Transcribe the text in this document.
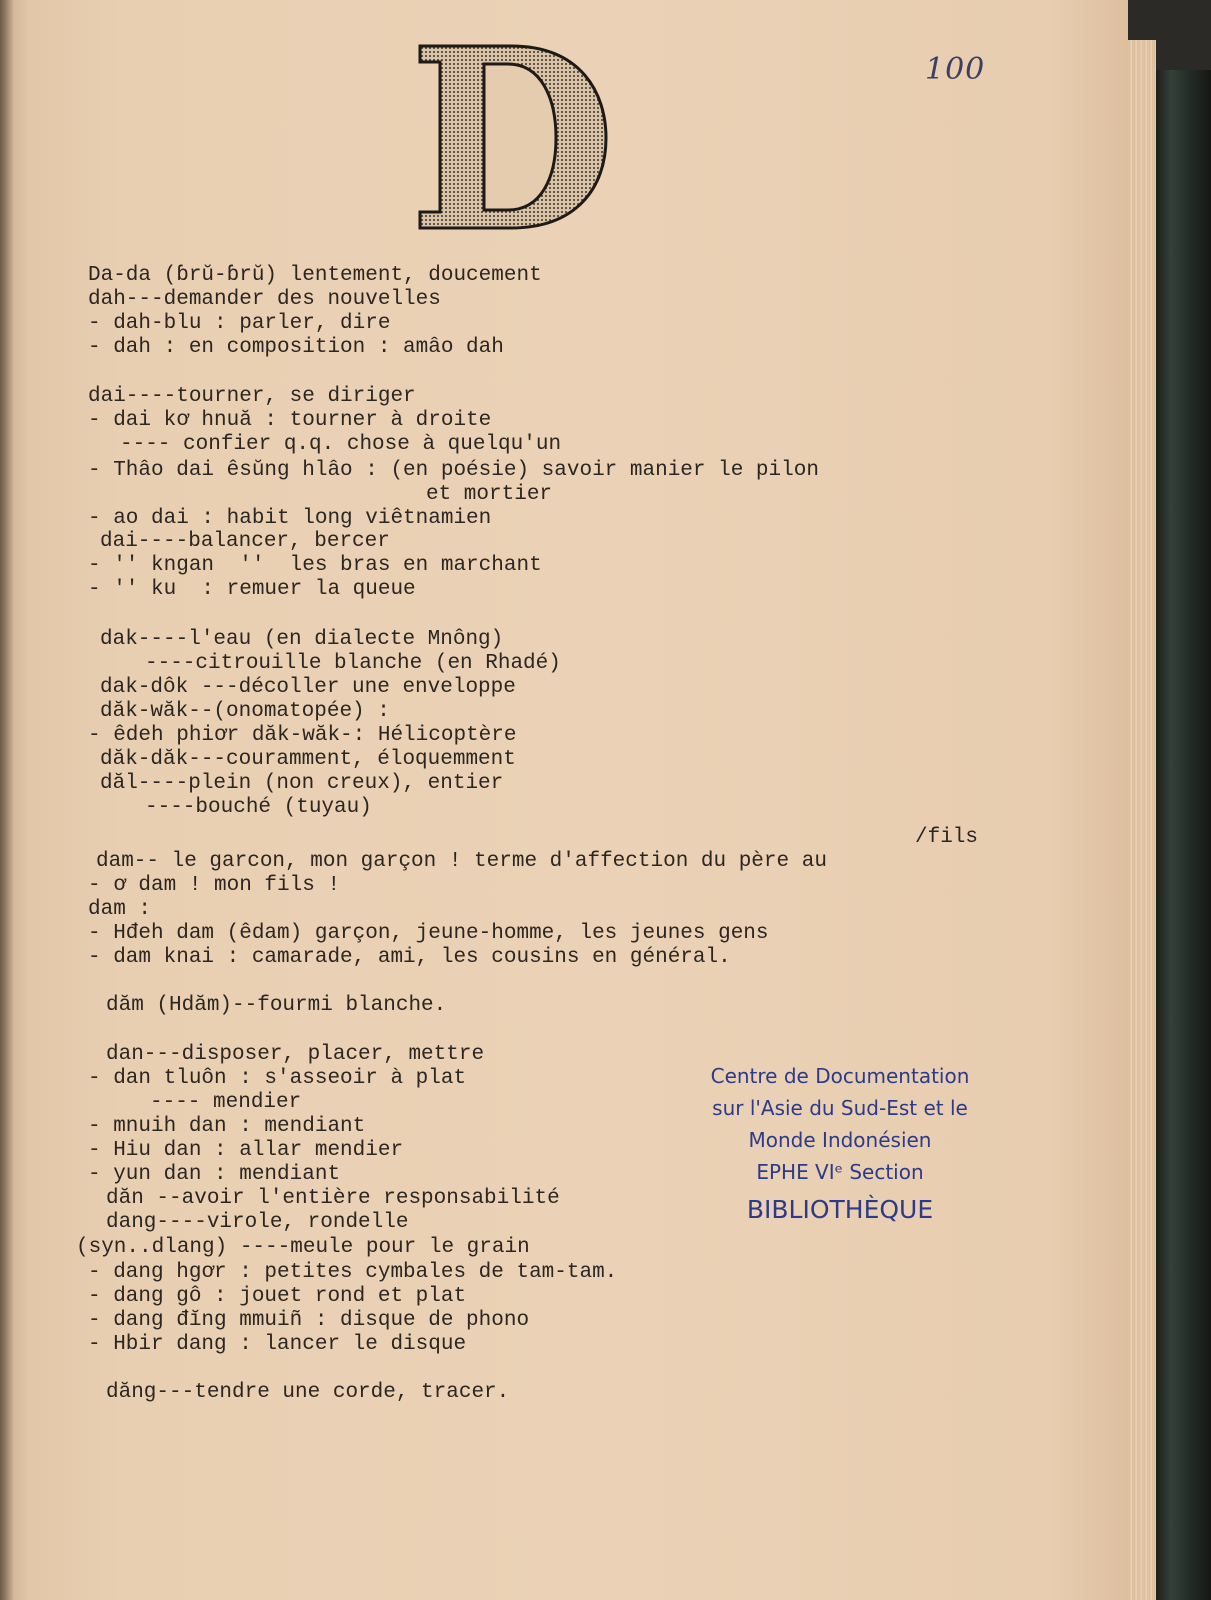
100
Da-da (ɓrŭ-ɓrŭ) lentement, doucement
dah---demander des nouvelles
- dah-blu : parler, dire
- dah : en composition : amâo dah
dai----tourner, se diriger
- dai kơ hnuă : tourner à droite
---- confier q.q. chose à quelqu'un
- Thâo dai êsŭng hlâo : (en poésie) savoir manier le pilon
et mortier
- ao dai : habit long viêtnamien
dai----balancer, bercer
- '' kngan  ''  les bras en marchant
- '' ku  : remuer la queue
dak----l'eau (en dialecte Mnông)
----citrouille blanche (en Rhadé)
dak-dôk ---décoller une enveloppe
dăk-wăk--(onomatopée) :
- êdeh phiơr dăk-wăk-: Hélicoptère
dăk-dăk---couramment, éloquemment
dăl----plein (non creux), entier
----bouché (tuyau)
/fils
dam-- le garcon, mon garçon ! terme d'affection du père au
- ơ dam ! mon fils !
dam :
- Hđeh dam (êdam) garçon, jeune-homme, les jeunes gens
- dam knai : camarade, ami, les cousins en général.
dăm (Hdăm)--fourmi blanche.
dan---disposer, placer, mettre
- dan tluôn : s'asseoir à plat
---- mendier
- mnuih dan : mendiant
- Hiu dan : allar mendier
- yun dan : mendiant
dăn --avoir l'entière responsabilité
dang----virole, rondelle
(syn..dlang) ----meule pour le grain
- dang hgơr : petites cymbales de tam-tam.
- dang gô : jouet rond et plat
- dang đĭng mmuiñ : disque de phono
- Hbir dang : lancer le disque
dăng---tendre une corde, tracer.
Centre de Documentation
sur l'Asie du Sud-Est et le
Monde Indonésien
EPHE VIᵉ Section
BIBLIOTHÈQUE
